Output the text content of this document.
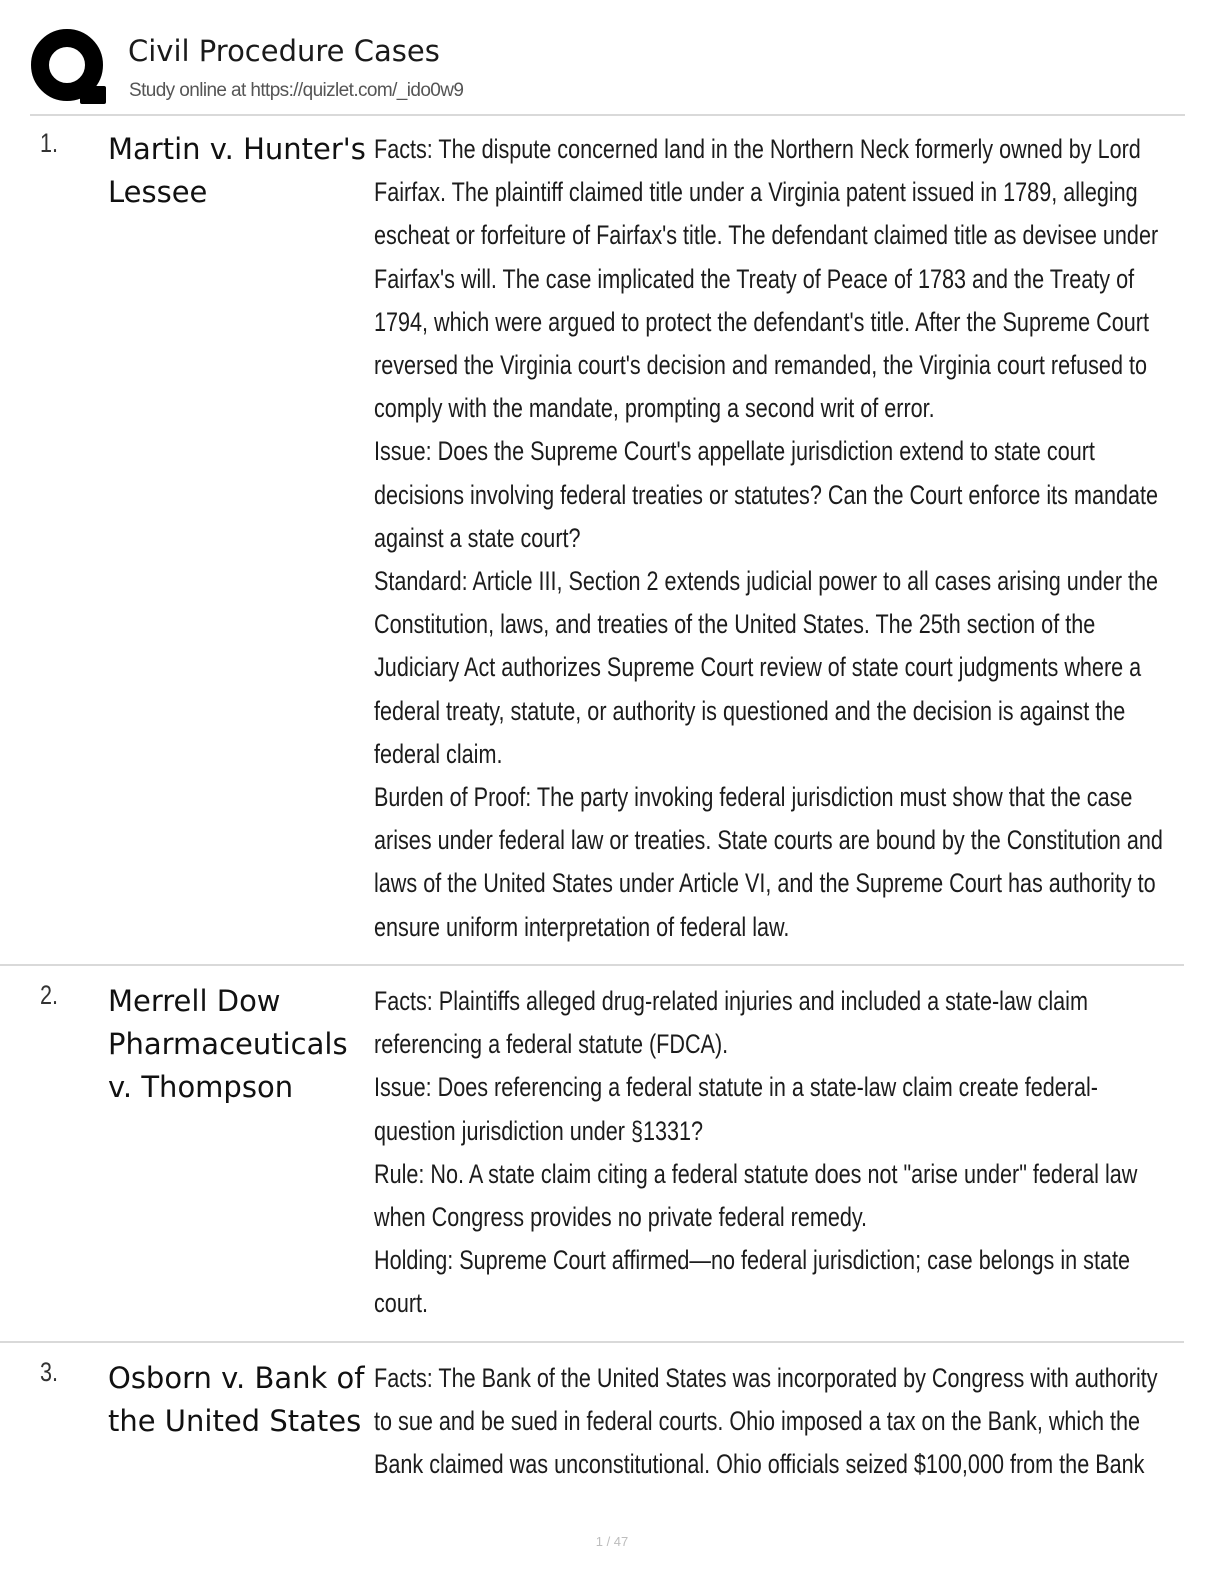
Civil Procedure Cases
Study online at https://quizlet.com/_ido0w9
1. Martin v. Hunter's Lessee

Facts: The dispute concerned land in the Northern Neck formerly owned by Lord Fairfax. The plaintiff claimed title under a Virginia patent issued in 1789, alleging escheat or forfeiture of Fairfax's title. The defendant claimed title as devisee under Fairfax's will. The case implicated the Treaty of Peace of 1783 and the Treaty of 1794, which were argued to protect the defendant's title. After the Supreme Court reversed the Virginia court's decision and remanded, the Virginia court refused to comply with the mandate, prompting a second writ of error.

Issue: Does the Supreme Court's appellate jurisdiction extend to state court decisions involving federal treaties or statutes? Can the Court enforce its mandate against a state court?

Standard: Article III, Section 2 extends judicial power to all cases arising under the Constitution, laws, and treaties of the United States. The 25th section of the Judiciary Act authorizes Supreme Court review of state court judgments where a federal treaty, statute, or authority is questioned and the decision is against the federal claim.

Burden of Proof: The party invoking federal jurisdiction must show that the case arises under federal law or treaties. State courts are bound by the Constitution and laws of the United States under Article VI, and the Supreme Court has authority to ensure uniform interpretation of federal law.

2. Merrell Dow Pharmaceuticals v. Thompson

Facts: Plaintiffs alleged drug-related injuries and included a state-law claim referencing a federal statute (FDCA).

Issue: Does referencing a federal statute in a state-law claim create federal-question jurisdiction under §1331?

Rule: No. A state claim citing a federal statute does not "arise under" federal law when Congress provides no private federal remedy.

Holding: Supreme Court affirmed—no federal jurisdiction; case belongs in state court.

3. Osborn v. Bank of the United States

Facts: The Bank of the United States was incorporated by Congress with authority to sue and be sued in federal courts. Ohio imposed a tax on the Bank, which the Bank claimed was unconstitutional. Ohio officials seized $100,000 from the Bank

1 / 47
